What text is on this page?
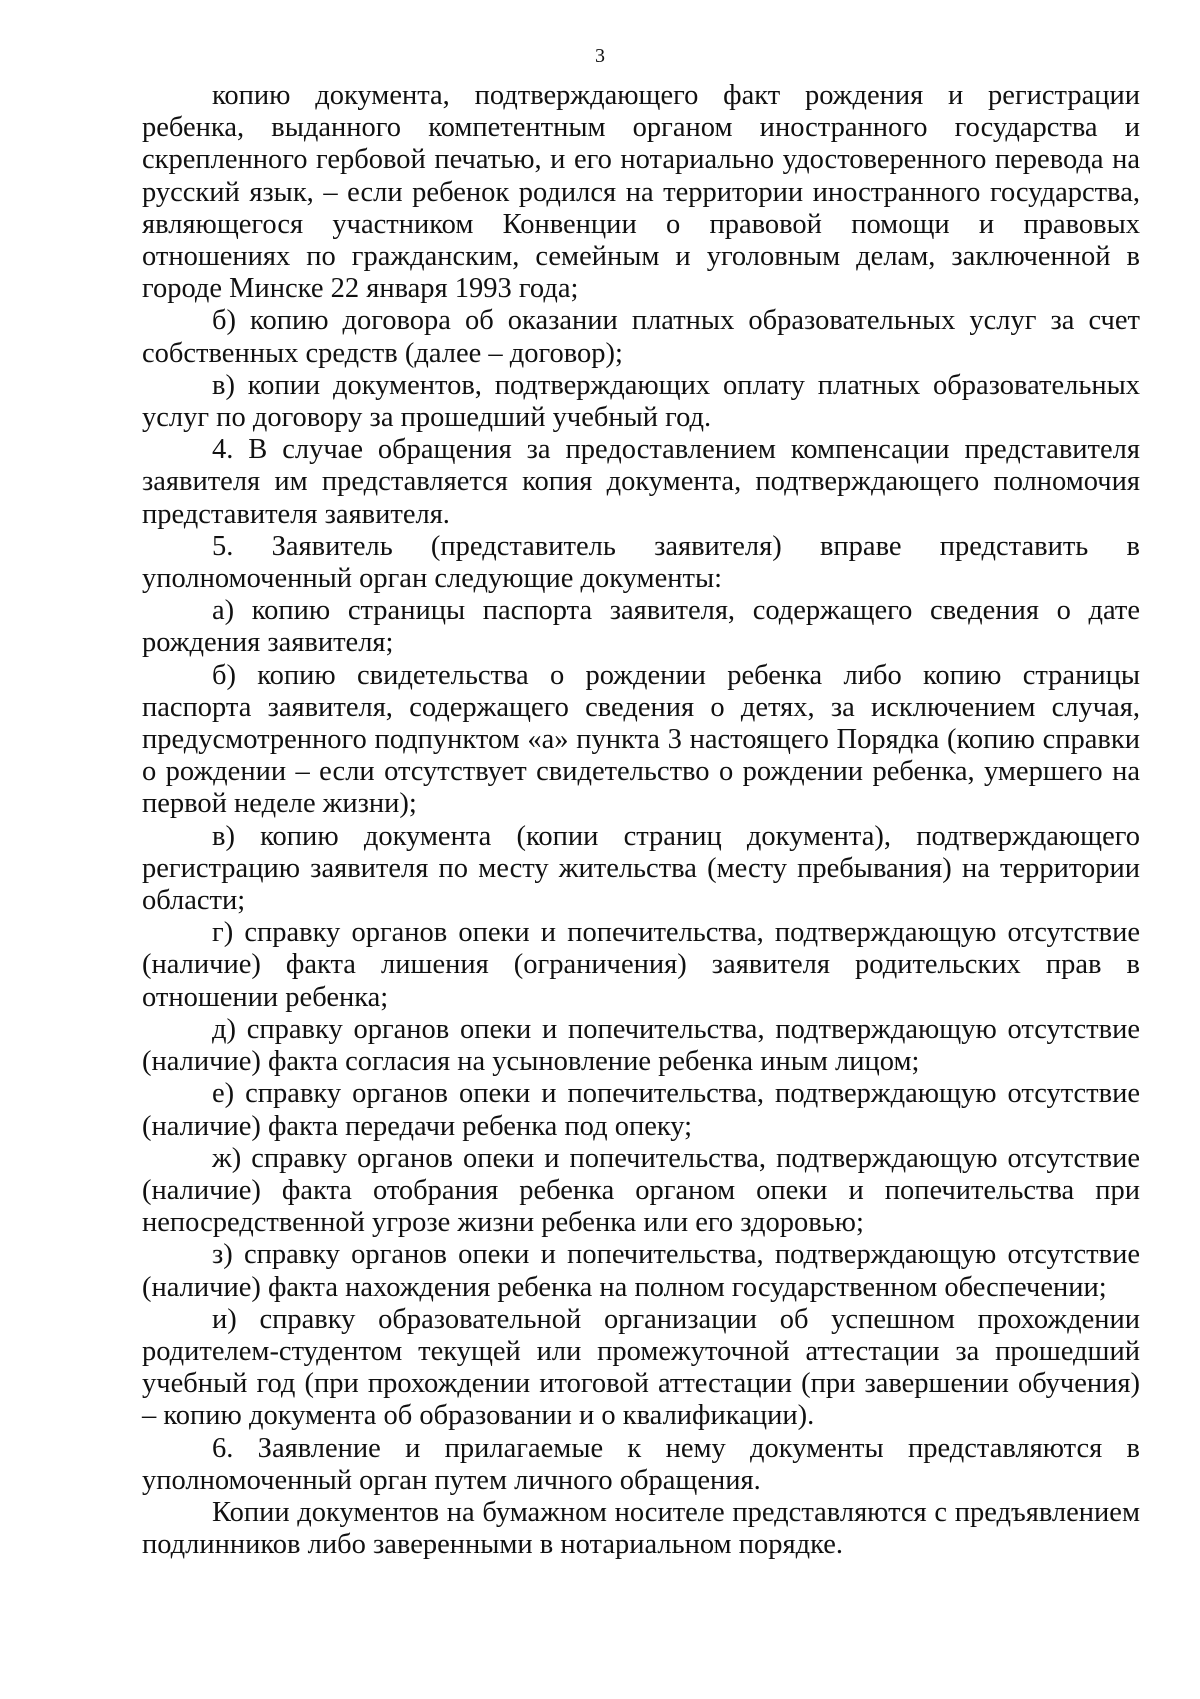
3

копию документа, подтверждающего факт рождения и регистрации ребенка, выданного компетентным органом иностранного государства и скрепленного гербовой печатью, и его нотариально удостоверенного перевода на русский язык, – если ребенок родился на территории иностранного государства, являющегося участником Конвенции о правовой помощи и правовых отношениях по гражданским, семейным и уголовным делам, заключенной в городе Минске 22 января 1993 года;

б) копию договора об оказании платных образовательных услуг за счет собственных средств (далее – договор);

в) копии документов, подтверждающих оплату платных образовательных услуг по договору за прошедший учебный год.

4. В случае обращения за предоставлением компенсации представителя заявителя им представляется копия документа, подтверждающего полномочия представителя заявителя.

5. Заявитель (представитель заявителя) вправе представить в уполномоченный орган следующие документы:

а) копию страницы паспорта заявителя, содержащего сведения о дате рождения заявителя;

б) копию свидетельства о рождении ребенка либо копию страницы паспорта заявителя, содержащего сведения о детях, за исключением случая, предусмотренного подпунктом «а» пункта 3 настоящего Порядка (копию справки о рождении – если отсутствует свидетельство о рождении ребенка, умершего на первой неделе жизни);

в) копию документа (копии страниц документа), подтверждающего регистрацию заявителя по месту жительства (месту пребывания) на территории области;

г) справку органов опеки и попечительства, подтверждающую отсутствие (наличие) факта лишения (ограничения) заявителя родительских прав в отношении ребенка;

д) справку органов опеки и попечительства, подтверждающую отсутствие (наличие) факта согласия на усыновление ребенка иным лицом;

е) справку органов опеки и попечительства, подтверждающую отсутствие (наличие) факта передачи ребенка под опеку;

ж) справку органов опеки и попечительства, подтверждающую отсутствие (наличие) факта отобрания ребенка органом опеки и попечительства при непосредственной угрозе жизни ребенка или его здоровью;

з) справку органов опеки и попечительства, подтверждающую отсутствие (наличие) факта нахождения ребенка на полном государственном обеспечении;

и) справку образовательной организации об успешном прохождении родителем-студентом текущей или промежуточной аттестации за прошедший учебный год (при прохождении итоговой аттестации (при завершении обучения) – копию документа об образовании и о квалификации).

6. Заявление и прилагаемые к нему документы представляются в уполномоченный орган путем личного обращения.

Копии документов на бумажном носителе представляются с предъявлением подлинников либо заверенными в нотариальном порядке.
